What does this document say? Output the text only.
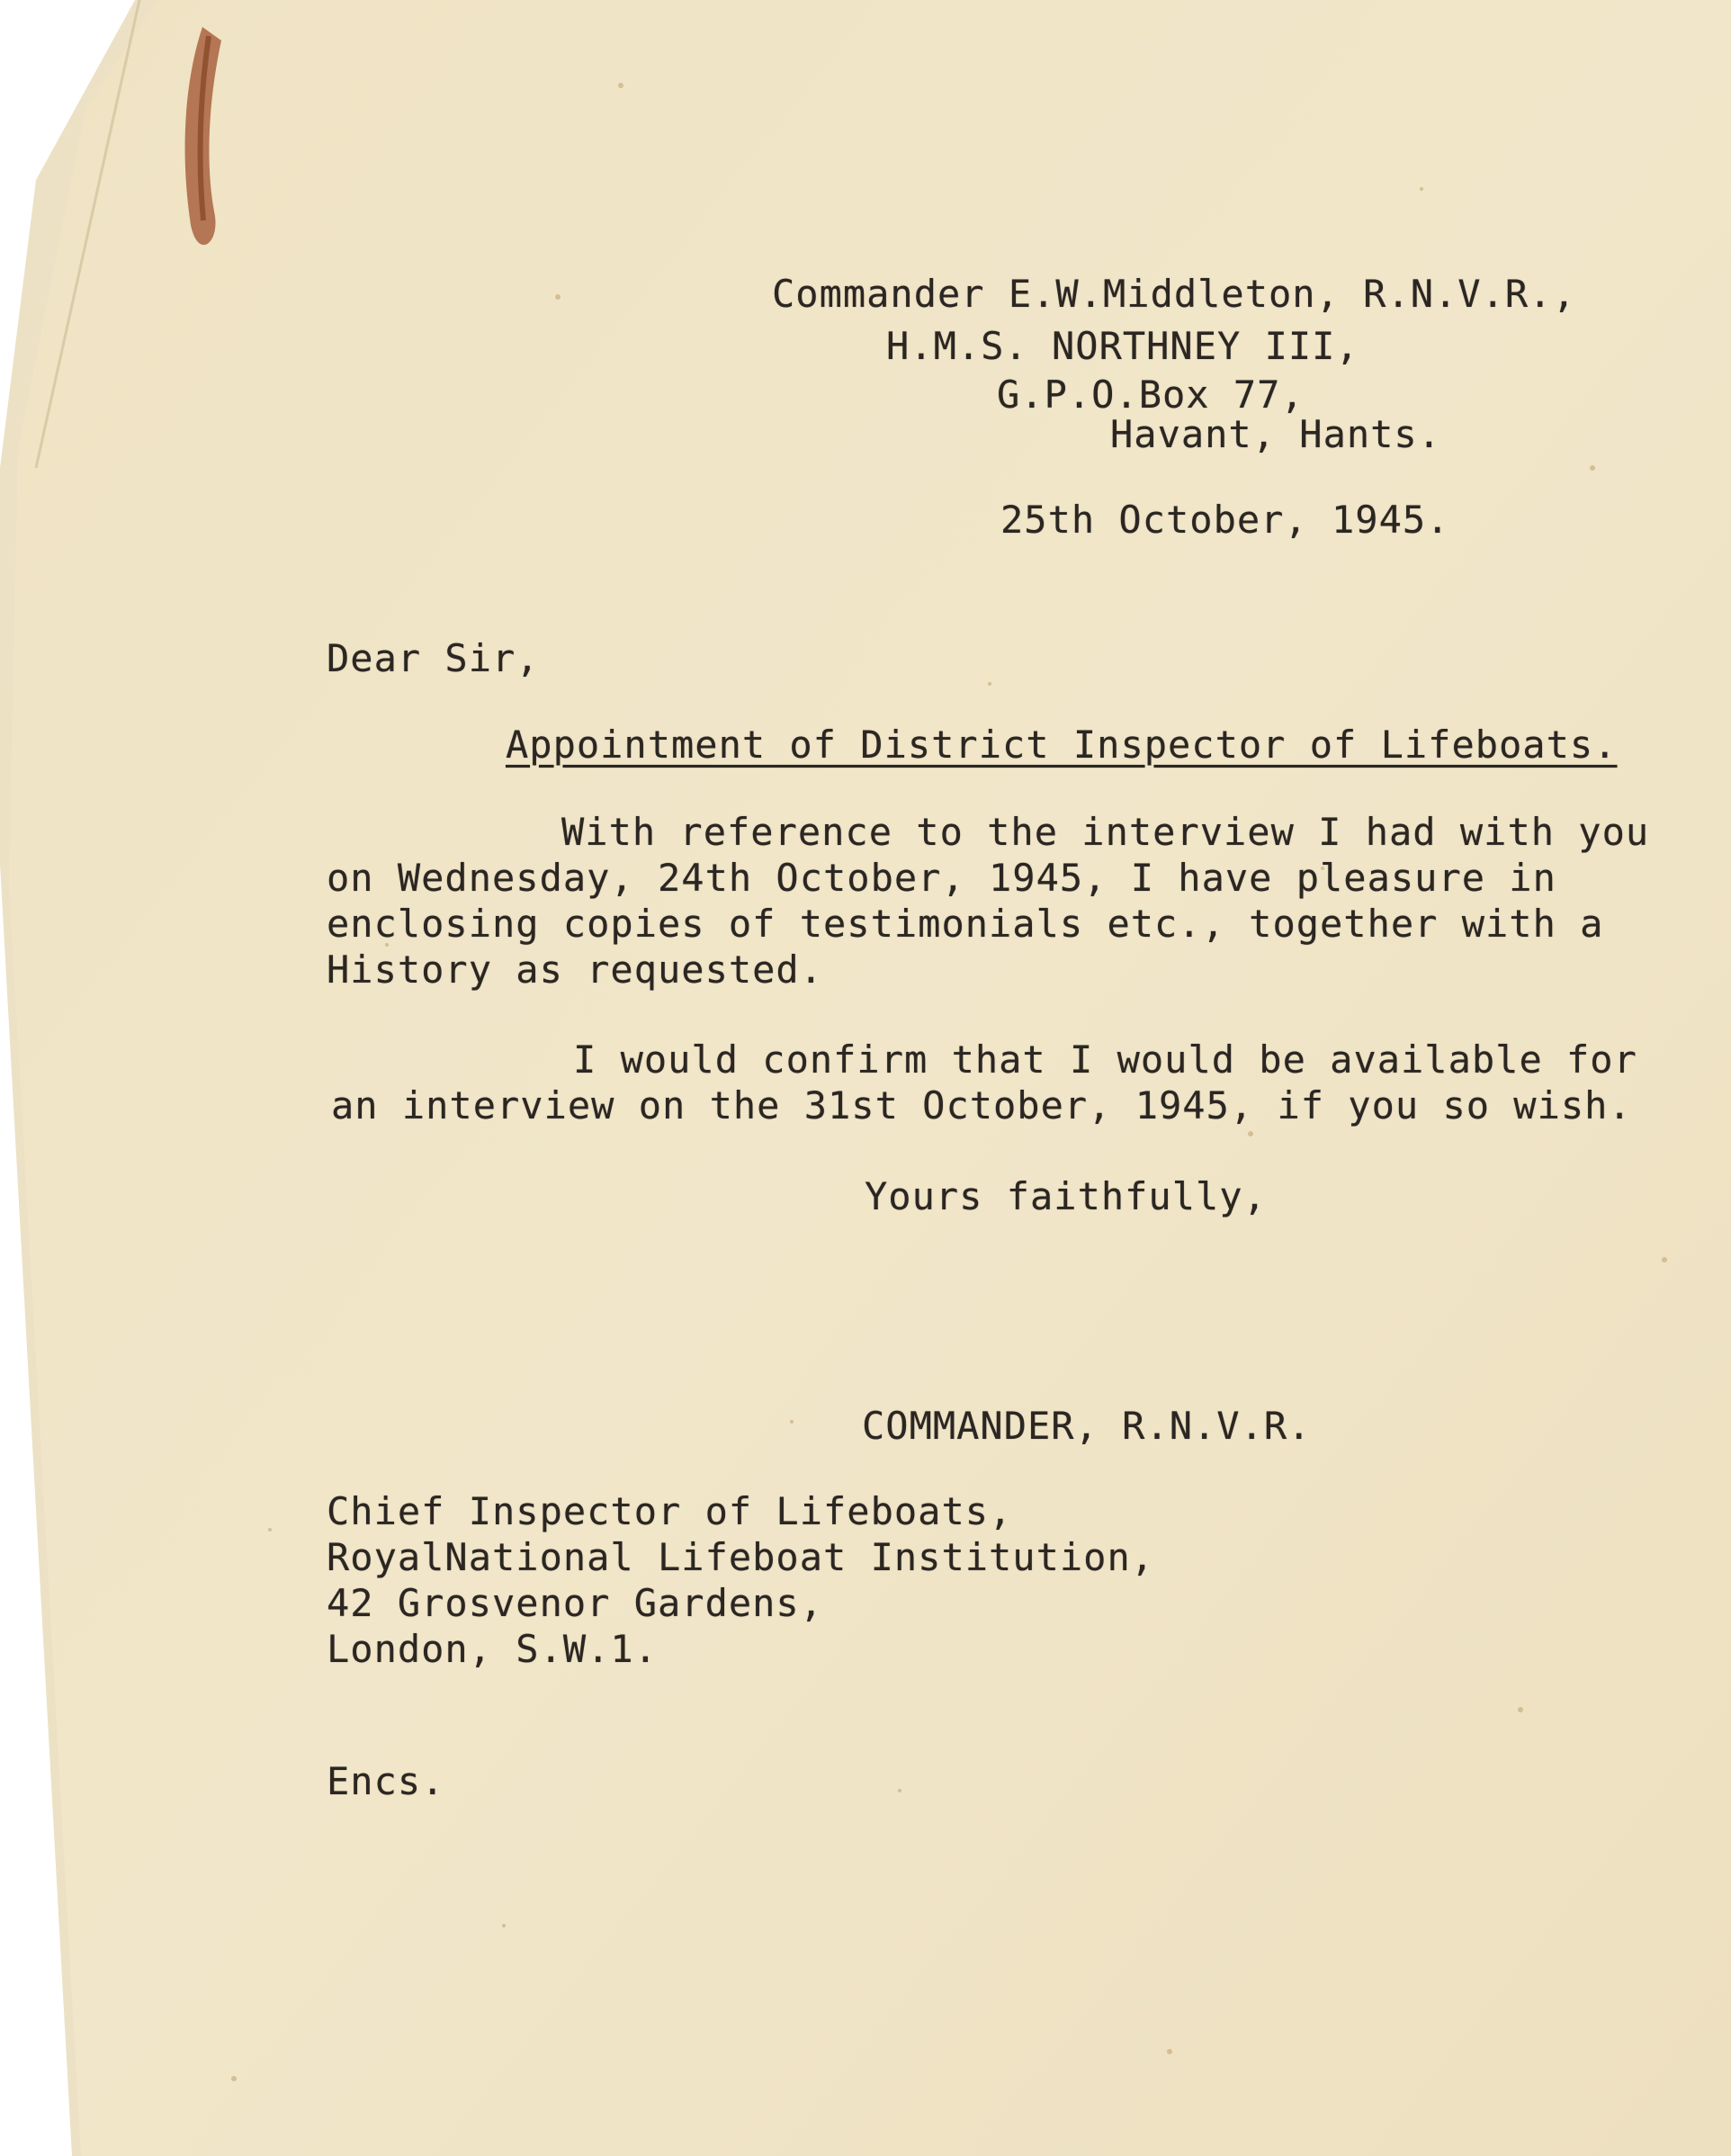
Commander E.W.Middleton, R.N.V.R.,
H.M.S. NORTHNEY III,
G.P.O.Box 77,
Havant, Hants.
25th October, 1945.
Dear Sir,
Appointment of District Inspector of Lifeboats.
With reference to the interview I had with you
on Wednesday, 24th October, 1945, I have pleasure in
enclosing copies of testimonials etc., together with a
History as requested.
I would confirm that I would be available for
an interview on the 31st October, 1945, if you so wish.
Yours faithfully,
COMMANDER, R.N.V.R.
Chief Inspector of Lifeboats,
RoyalNational Lifeboat Institution,
42 Grosvenor Gardens,
London, S.W.1.
Encs.
